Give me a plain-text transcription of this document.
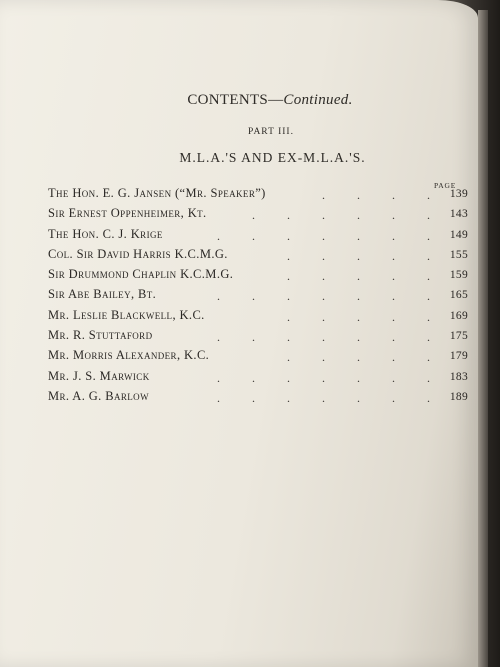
CONTENTS—Continued.
PART III.
M.L.A.'S AND EX-M.L.A.'S.
PAGE
. . . .
The Hon. E. G. Jansen (“Mr. Speaker”)	139
. . . . . .
Sir Ernest Oppenheimer, Kt.	143
. . . . . . .
The Hon. C. J. Krige	149
. . . . .
Col. Sir David Harris K.C.M.G.	155
. . . . .
Sir Drummond Chaplin K.C.M.G.	159
. . . . . . .
Sir Abe Bailey, Bt.	165
. . . . .
Mr. Leslie Blackwell, K.C.	169
. . . . . . .
Mr. R. Stuttaford	175
. . . . .
Mr. Morris Alexander, K.C.	179
. . . . . . .
Mr. J. S. Marwick	183
. . . . . . .
Mr. A. G. Barlow	189
